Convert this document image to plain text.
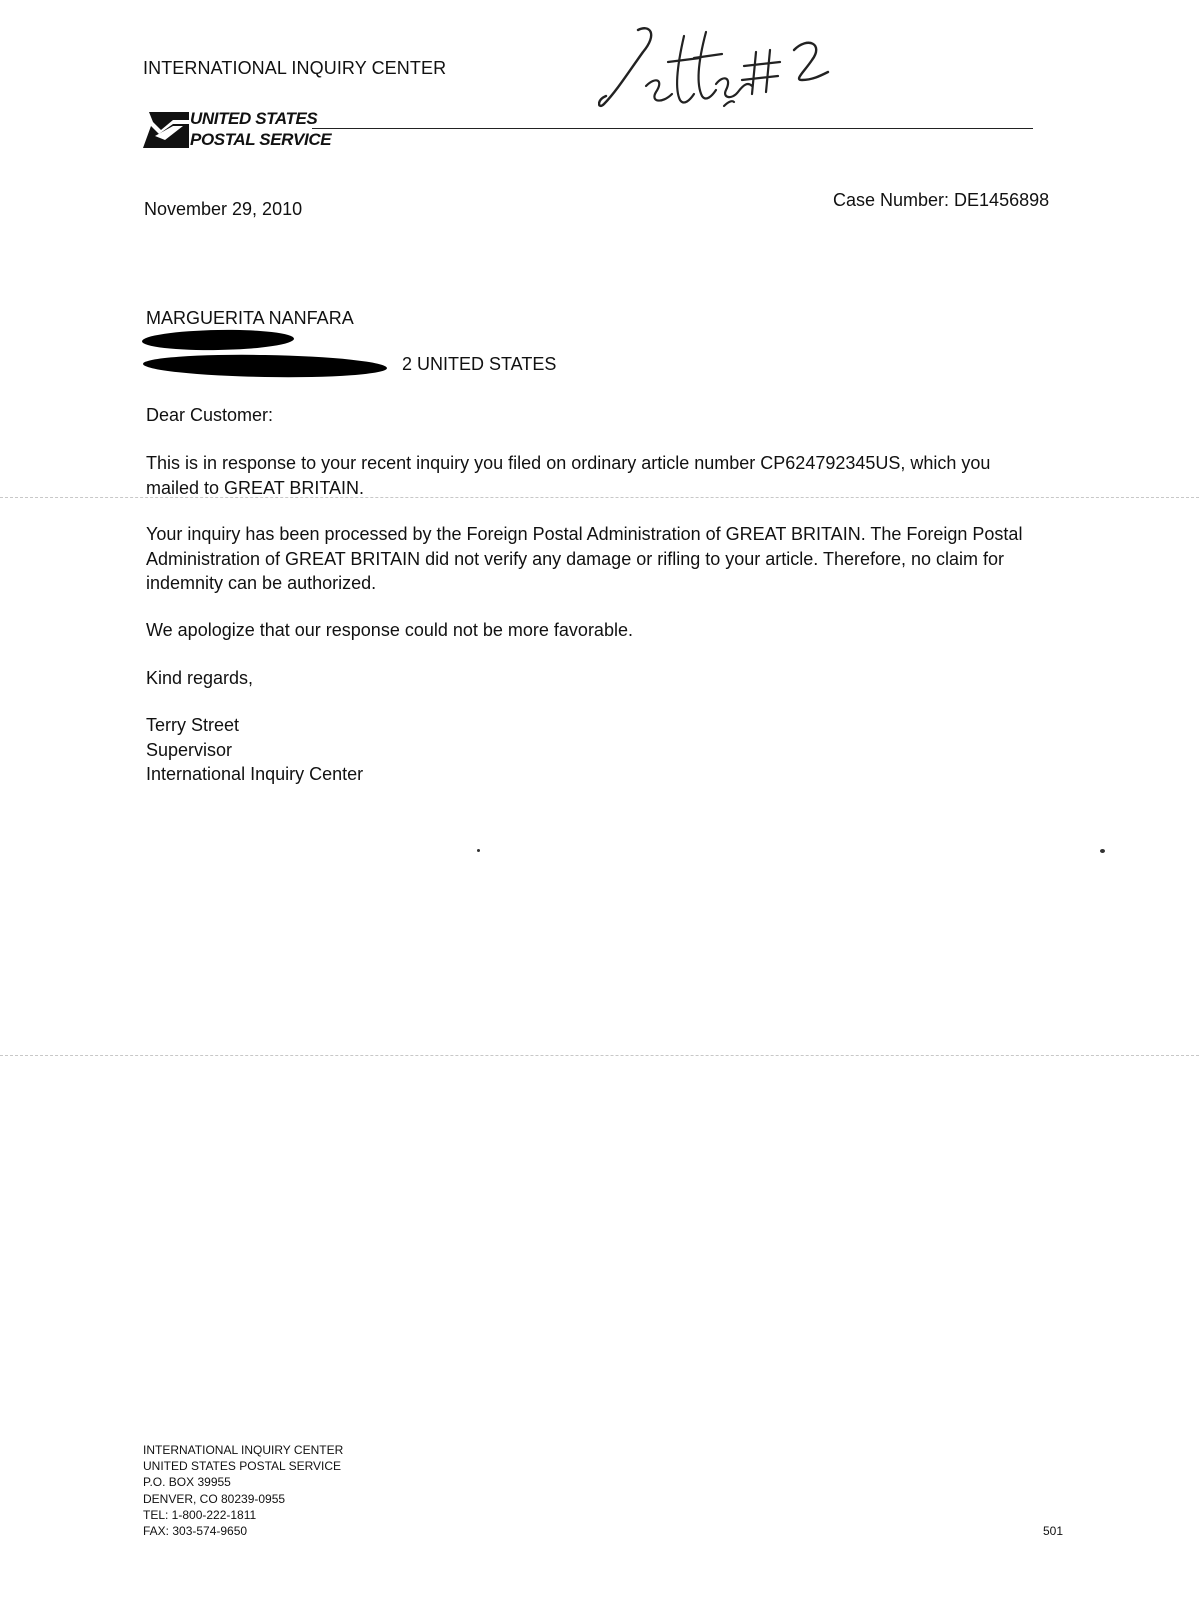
INTERNATIONAL INQUIRY CENTER
UNITED STATES
POSTAL SERVICE
November 29, 2010	Case Number: DE1456898
MARGUERITA NANFARA
2 UNITED STATES
Dear Customer:
This is in response to your recent inquiry you filed on ordinary article number CP624792345US, which you
mailed to GREAT BRITAIN.
Your inquiry has been processed by the Foreign Postal Administration of GREAT BRITAIN. The Foreign Postal
Administration of GREAT BRITAIN did not verify any damage or rifling to your article. Therefore, no claim for
indemnity can be authorized.
We apologize that our response could not be more favorable.
Kind regards,
Terry Street
Supervisor
International Inquiry Center
INTERNATIONAL INQUIRY CENTER
UNITED STATES POSTAL SERVICE
P.O. BOX 39955
DENVER, CO 80239-0955
TEL: 1-800-222-1811
FAX: 303-574-9650	501
